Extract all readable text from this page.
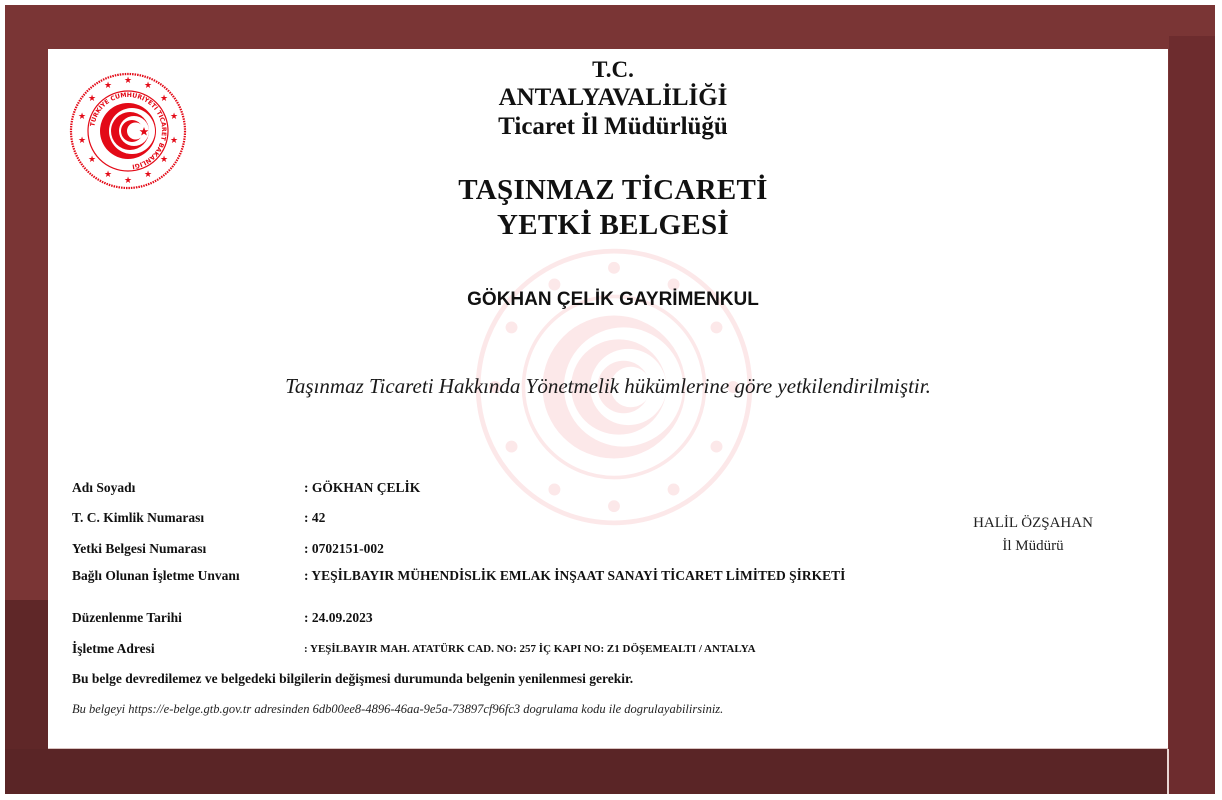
TÜRKİYE CUMHURİYETİ TİCARET BAKANLIĞI
★ ★
★
★
★
★
★
★
★
★
★
★
★
★
T.C.
ANTALYAVALİLİĞİ
Ticaret İl Müdürlüğü
TAŞINMAZ TİCARETİ
YETKİ BELGESİ
GÖKHAN ÇELİK GAYRİMENKUL
Taşınmaz Ticareti Hakkında Yönetmelik hükümlerine göre yetkilendirilmiştir.
Adı Soyadı	: GÖKHAN ÇELİK
T. C. Kimlik Numarası	: 42
Yetki Belgesi Numarası	: 0702151-002
Bağlı Olunan İşletme Unvanı	: YEŞİLBAYIR MÜHENDİSLİK EMLAK İNŞAAT SANAYİ TİCARET LİMİTED ŞİRKETİ
Düzenlenme Tarihi	: 24.09.2023
İşletme Adresi	: YEŞİLBAYIR MAH. ATATÜRK CAD. NO: 257 İÇ KAPI NO: Z1 DÖŞEMEALTI / ANTALYA
HALİL ÖZŞAHAN
İl Müdürü
Bu belge devredilemez ve belgedeki bilgilerin değişmesi durumunda belgenin yenilenmesi gerekir.
Bu belgeyi https://e-belge.gtb.gov.tr adresinden 6db00ee8-4896-46aa-9e5a-73897cf96fc3 dogrulama kodu ile dogrulayabilirsiniz.
